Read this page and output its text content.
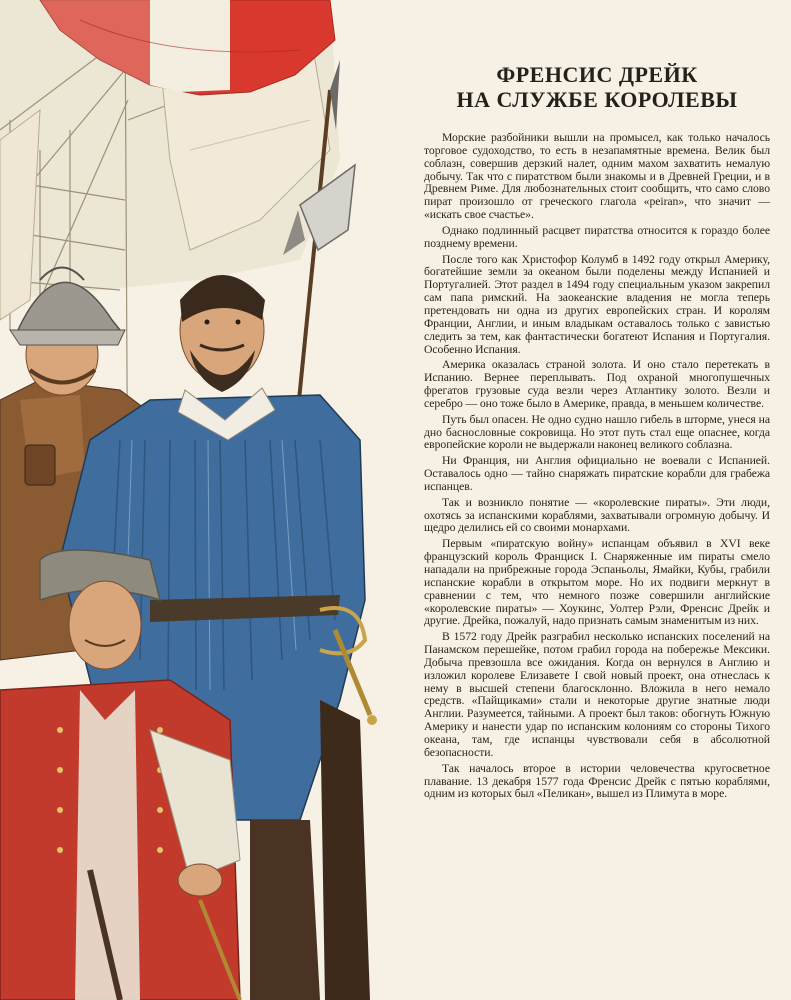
ФРЕНСИС ДРЕЙК
НА СЛУЖБЕ КОРОЛЕВЫ

Морские разбойники вышли на промысел, как только началось торговое судоходство, то есть в незапамятные времена. Велик был соблазн, совершив дерзкий налет, одним махом захватить немалую добычу. Так что с пиратством были знакомы и в Древней Греции, и в Древнем Риме. Для любознательных стоит сообщить, что само слово пират произошло от греческого глагола «peiran», что значит — «искать свое счастье».

Однако подлинный расцвет пиратства относится к гораздо более позднему времени.

После того как Христофор Колумб в 1492 году открыл Америку, богатейшие земли за океаном были поделены между Испанией и Португалией. Этот раздел в 1494 году специальным указом закрепил сам папа римский. На заокеанские владения не могла теперь претендовать ни одна из других европейских стран. И королям Франции, Англии, и иным владыкам оставалось только с завистью следить за тем, как фантастически богатеют Испания и Португалия. Особенно Испания.

Америка оказалась страной золота. И оно стало перетекать в Испанию. Вернее переплывать. Под охраной многопушечных фрегатов грузовые суда везли через Атлантику золото. Везли и серебро — оно тоже было в Америке, правда, в меньшем количестве.

Путь был опасен. Не одно судно нашло гибель в шторме, унеся на дно баснословные сокровища. Но этот путь стал еще опаснее, когда европейские короли не выдержали наконец великого соблазна.

Ни Франция, ни Англия официально не воевали с Испанией. Оставалось одно — тайно снаряжать пиратские корабли для грабежа испанцев.

Так и возникло понятие — «королевские пираты». Эти люди, охотясь за испанскими кораблями, захватывали огромную добычу. И щедро делились ей со своими монархами.

Первым «пиратскую войну» испанцам объявил в XVI веке французский король Франциск I. Снаряженные им пираты смело нападали на прибрежные города Эспаньолы, Ямайки, Кубы, грабили испанские корабли в открытом море. Но их подвиги меркнут в сравнении с тем, что немного позже совершили английские «королевские пираты» — Хоукинс, Уолтер Рэли, Френсис Дрейк и другие. Дрейка, пожалуй, надо признать самым знаменитым из них.

В 1572 году Дрейк разграбил несколько испанских поселений на Панамском перешейке, потом грабил города на побережье Мексики. Добыча превзошла все ожидания. Когда он вернулся в Англию и изложил королеве Елизавете I свой новый проект, она отнеслась к нему в высшей степени благосклонно. Вложила в него немало средств. «Пайщиками» стали и некоторые другие знатные люди Англии. Разумеется, тайными. А проект был таков: обогнуть Южную Америку и нанести удар по испанским колониям со стороны Тихого океана, там, где испанцы чувствовали себя в абсолютной безопасности.

Так началось второе в истории человечества кругосветное плавание. 13 декабря 1577 года Френсис Дрейк с пятью кораблями, одним из которых был «Пеликан», вышел из Плимута в море.
